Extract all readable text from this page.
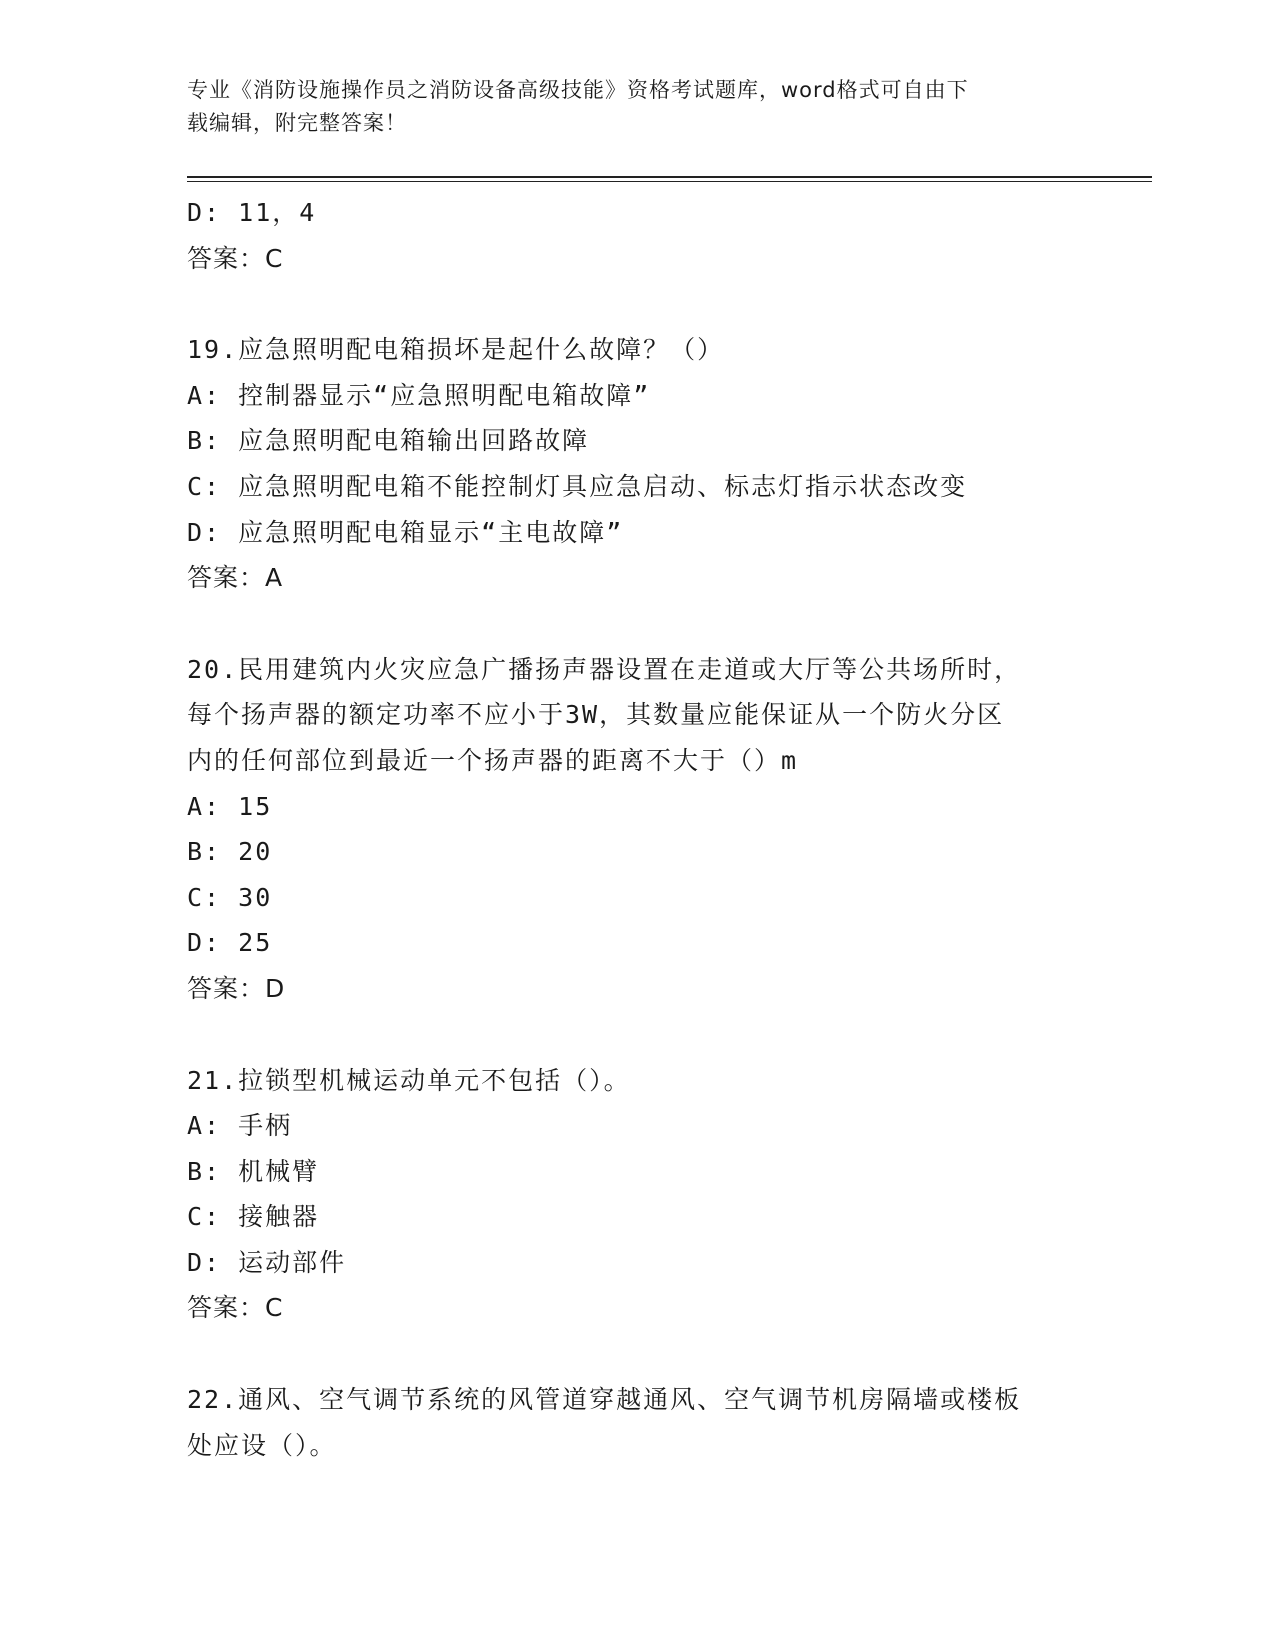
专业《消防设施操作员之消防设备高级技能》资格考试题库，word格式可自由下
载编辑，附完整答案！
D: 11，4
答案：C
19.应急照明配电箱损坏是起什么故障？（）
A: 控制器显示“应急照明配电箱故障”
B: 应急照明配电箱输出回路故障
C: 应急照明配电箱不能控制灯具应急启动、标志灯指示状态改变
D: 应急照明配电箱显示“主电故障”
答案：A
20.民用建筑内火灾应急广播扬声器设置在走道或大厅等公共场所时，
每个扬声器的额定功率不应小于3W，其数量应能保证从一个防火分区
内的任何部位到最近一个扬声器的距离不大于（）m
A: 15
B: 20
C: 30
D: 25
答案：D
21.拉锁型机械运动单元不包括（）。
A: 手柄
B: 机械臂
C: 接触器
D: 运动部件
答案：C
22.通风、空气调节系统的风管道穿越通风、空气调节机房隔墙或楼板
处应设（）。
